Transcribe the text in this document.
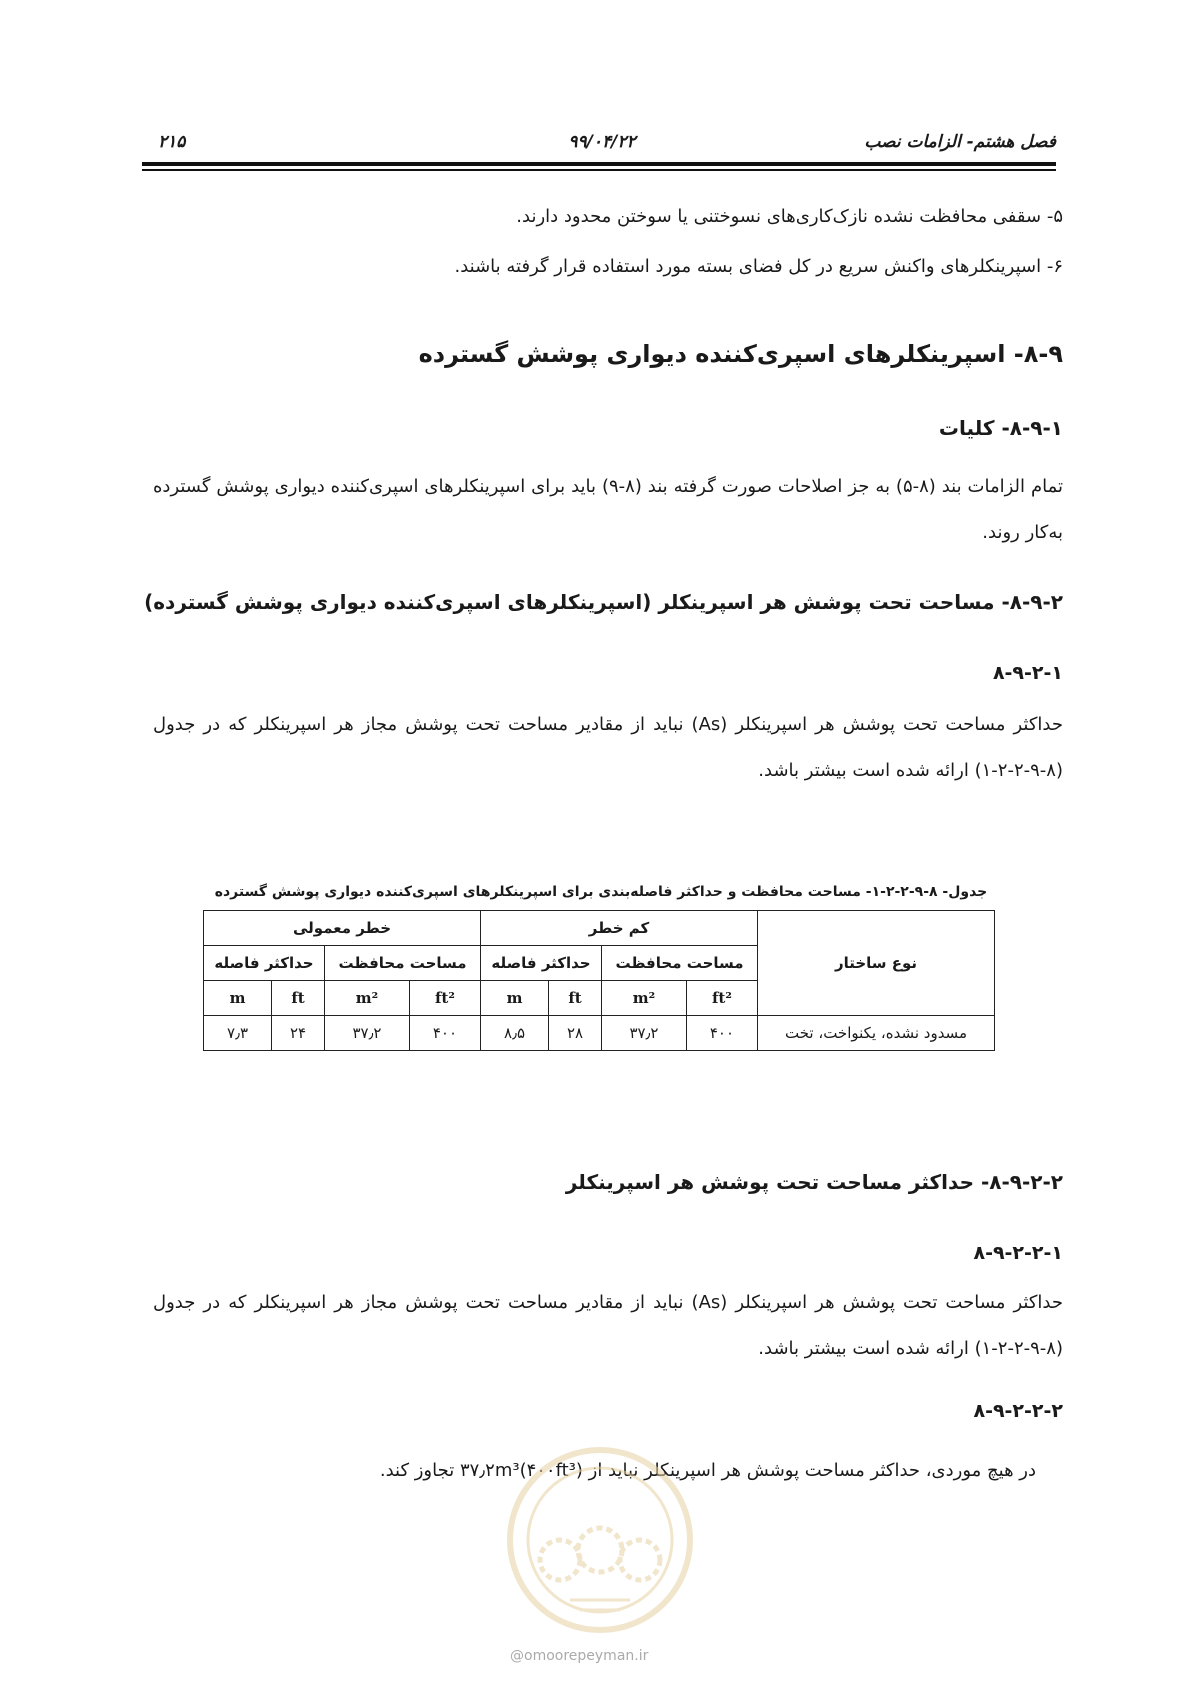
فصل هشتم- الزامات نصب
۹۹/۰۴/۲۲
۲۱۵
۵- سقفی محافظت نشده نازک‌کاری‌های نسوختنی یا سوختن محدود دارند.
۶- اسپرینکلرهای واکنش سریع در کل فضای بسته مورد استفاده قرار گرفته باشند.
۸-۹- اسپرینکلرهای اسپری‌کننده دیواری پوشش گسترده
۸-۹-۱- کلیات
تمام الزامات بند (۸-۵) به جز اصلاحات صورت گرفته بند (۸-۹) باید برای اسپرینکلرهای اسپری‌کننده دیواری پوشش گسترده به‌کار روند.
۸-۹-۲- مساحت تحت پوشش هر اسپرینکلر (اسپرینکلرهای اسپری‌کننده دیواری پوشش گسترده)
۸-۹-۲-۱
حداکثر مساحت تحت پوشش هر اسپرینکلر (As) نباید از مقادیر مساحت تحت پوشش مجاز هر اسپرینکلر که در جدول (۸-۹-۲-۲-۱) ارائه شده است بیشتر باشد.
جدول- ۸-۹-۲-۲-۱- مساحت محافظت و حداکثر فاصله‌بندی برای اسپرینکلرهای اسپری‌کننده دیواری پوشش گسترده
نوع ساختار	کم خطر				خطر معمولی			
	مساحت محافظت		حداکثر فاصله		مساحت محافظت		حداکثر فاصله	
	ft²	m²	ft	m	ft²	m²	ft	m
مسدود نشده، یکنواخت، تخت	۴۰۰	۳۷٫۲	۲۸	۸٫۵	۴۰۰	۳۷٫۲	۲۴	۷٫۳
۸-۹-۲-۲- حداکثر مساحت تحت پوشش هر اسپرینکلر
۸-۹-۲-۲-۱
حداکثر مساحت تحت پوشش هر اسپرینکلر (As) نباید از مقادیر مساحت تحت پوشش مجاز هر اسپرینکلر که در جدول (۸-۹-۲-۲-۱) ارائه شده است بیشتر باشد.
۸-۹-۲-۲-۲
در هیچ موردی، حداکثر مساحت پوشش هر اسپرینکلر نباید از ۳۷٫۲m³(۴۰۰ft³) تجاوز کند.
@omoorepeyman.ir
